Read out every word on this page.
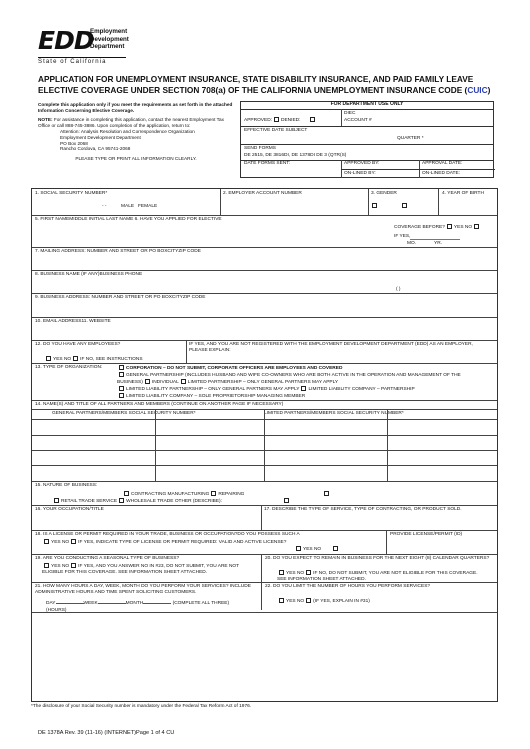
EDD
Employment
Development
Department
State of California
APPLICATION FOR UNEMPLOYMENT INSURANCE, STATE DISABILITY INSURANCE, AND PAID FAMILY LEAVE
ELECTIVE COVERAGE UNDER SECTION 708(a) OF THE CALIFORNIA UNEMPLOYMENT INSURANCE CODE (CUIC)
Complete this application only if you meet the requirements as set forth in the attached Information Concerning Elective Coverage.
NOTE: For assistance in completing this application, contact the nearest Employment Tax Office or call 888-745-3886. Upon completion of the application, return to:
Attention: Analysis Resolution and Correspondence Organization
Employment Development Department
PO Box 2068
Rancho Cordova, CA 95741-2068
PLEASE TYPE OR PRINT ALL INFORMATION CLEARLY.
FOR DEPARTMENT USE ONLY
APPROVED: DENIED:
DIEC
ACCOUNT #
EFFECTIVE DATE SUBJECT
QUARTER *
SEND FORMS
DE 2515, DE 3816DI, DE 1378DI DE 3 (QTR(S)
DATE FORMS SENT:	APPROVED BY:	APPROVAL DATE:
ON-LINED BY:	ON-LINED DATE:
1. SOCIAL SECURITY NUMBER*
- -
2. EMPLOYER ACCOUNT NUMBER	3. GENDER	4. YEAR OF BIRTH
MALE FEMALE
5. FIRST NAMEMIDDLE INITIAL LAST NAME 6. HAVE YOU APPLIED FOR ELECTIVE
COVERAGE BEFORE? YES NO
IF YES,
MO.	YR.
7. MAILING ADDRESS: NUMBER AND STREET OR PO BOXCITYZIP CODE
8. BUSINESS NAME (IF ANY)BUSINESS PHONE
( )
9. BUSINESS ADDRESS: NUMBER AND STREET OR PO BOXCITYZIP CODE
10. EMAIL ADDRESS11. WEBSITE
12. DO YOU HAVE ANY EMPLOYEES?
YES NO IF NO, SEE INSTRUCTIONS
IF YES, AND YOU ARE NOT REGISTERED WITH THE EMPLOYMENT DEVELOPMENT DEPARTMENT (EDD) AS AN EMPLOYER, PLEASE EXPLAIN:
13. TYPE OF ORGANIZATION:	CORPORATION – DO NOT SUBMIT, CORPORATE OFFICERS ARE EMPLOYEES AND COVERED
GENERAL PARTNERSHIP (INCLUDES HUSBAND AND WIFE CO-OWNERS WHO ARE BOTH ACTIVE IN THE OPERATION AND MANAGEMENT OF THE BUSINESS) INDIVIDUAL LIMITED PARTNERSHIP – ONLY GENERAL PARTNERS MAY APPLY
LIMITED LIABILITY PARTNERSHIP – ONLY GENERAL PARTNERS MAY APPLY LIMITED LIABILITY COMPANY – PARTNERSHIP
LIMITED LIABILITY COMPANY – SOLE PROPRIETORSHIP MANAGING MEMBER
14. NAME(S) AND TITLE OF ALL PARTNERS AND MEMBERS (CONTINUE ON ANOTHER PAGE IF NECESSARY)
GENERAL PARTNERS/MEMBERS SOCIAL SECURITY NUMBER*	LIMITED PARTNERS/MEMBERS SOCIAL SECURITY NUMBER*
15. NATURE OF BUSINESS:
CONTRACTING MANUFACTURING REPAIRING
RETAIL TRADE SERVICE WHOLESALE TRADE OTHER (DESCRIBE):
16. YOUR OCCUPATION/TITLE	17. DESCRIBE THE TYPE OF SERVICE, TYPE OF CONTRACTING, OR PRODUCT SOLD.
18. IS A LICENSE OR PERMIT REQUIRED IN YOUR TRADE, BUSINESS OR OCCUPATION?DO YOU POSSESS SUCH A
YES NO IF YES, INDICATE TYPE OF LICENSE OR PERMIT REQUIRED: VALID AND ACTIVE LICENSE?
YES NO
PROVIDE LICENSE/PERMIT (ID)
19. ARE YOU CONDUCTING A SEASONAL TYPE OF BUSINESS?
YES NO IF YES, AND YOU ANSWER NO IN #23, DO NOT SUBMIT, YOU ARE NOT ELIGIBLE FOR THIS COVERAGE. SEE INFORMATION SHEET ATTACHED.
20. DO YOU EXPECT TO REMAIN IN BUSINESS FOR THE NEXT EIGHT (8) CALENDAR QUARTERS?
YES NO IF NO, DO NOT SUBMIT, YOU ARE NOT ELIGIBLE FOR THIS COVERAGE. SEE INFORMATION SHEET ATTACHED.
21. HOW MANY HOURS A DAY, WEEK, MONTH DO YOU PERFORM YOUR SERVICES? INCLUDE ADMINISTRATIVE HOURS AND TIME SPENT SOLICITING CUSTOMERS.
DAY	WEEK	MONTH	(COMPLETE ALL THREE)
(HOURS)
22. DO YOU LIMIT THE NUMBER OF HOURS YOU PERFORM SERVICES?
YES NO (IF YES, EXPLAIN IN #31)
*The disclosure of your Social Security number is mandatory under the Federal Tax Reform Act of 1976.
DE 1378A Rev. 39 (11-16) (INTERNET)Page 1 of 4 CU
